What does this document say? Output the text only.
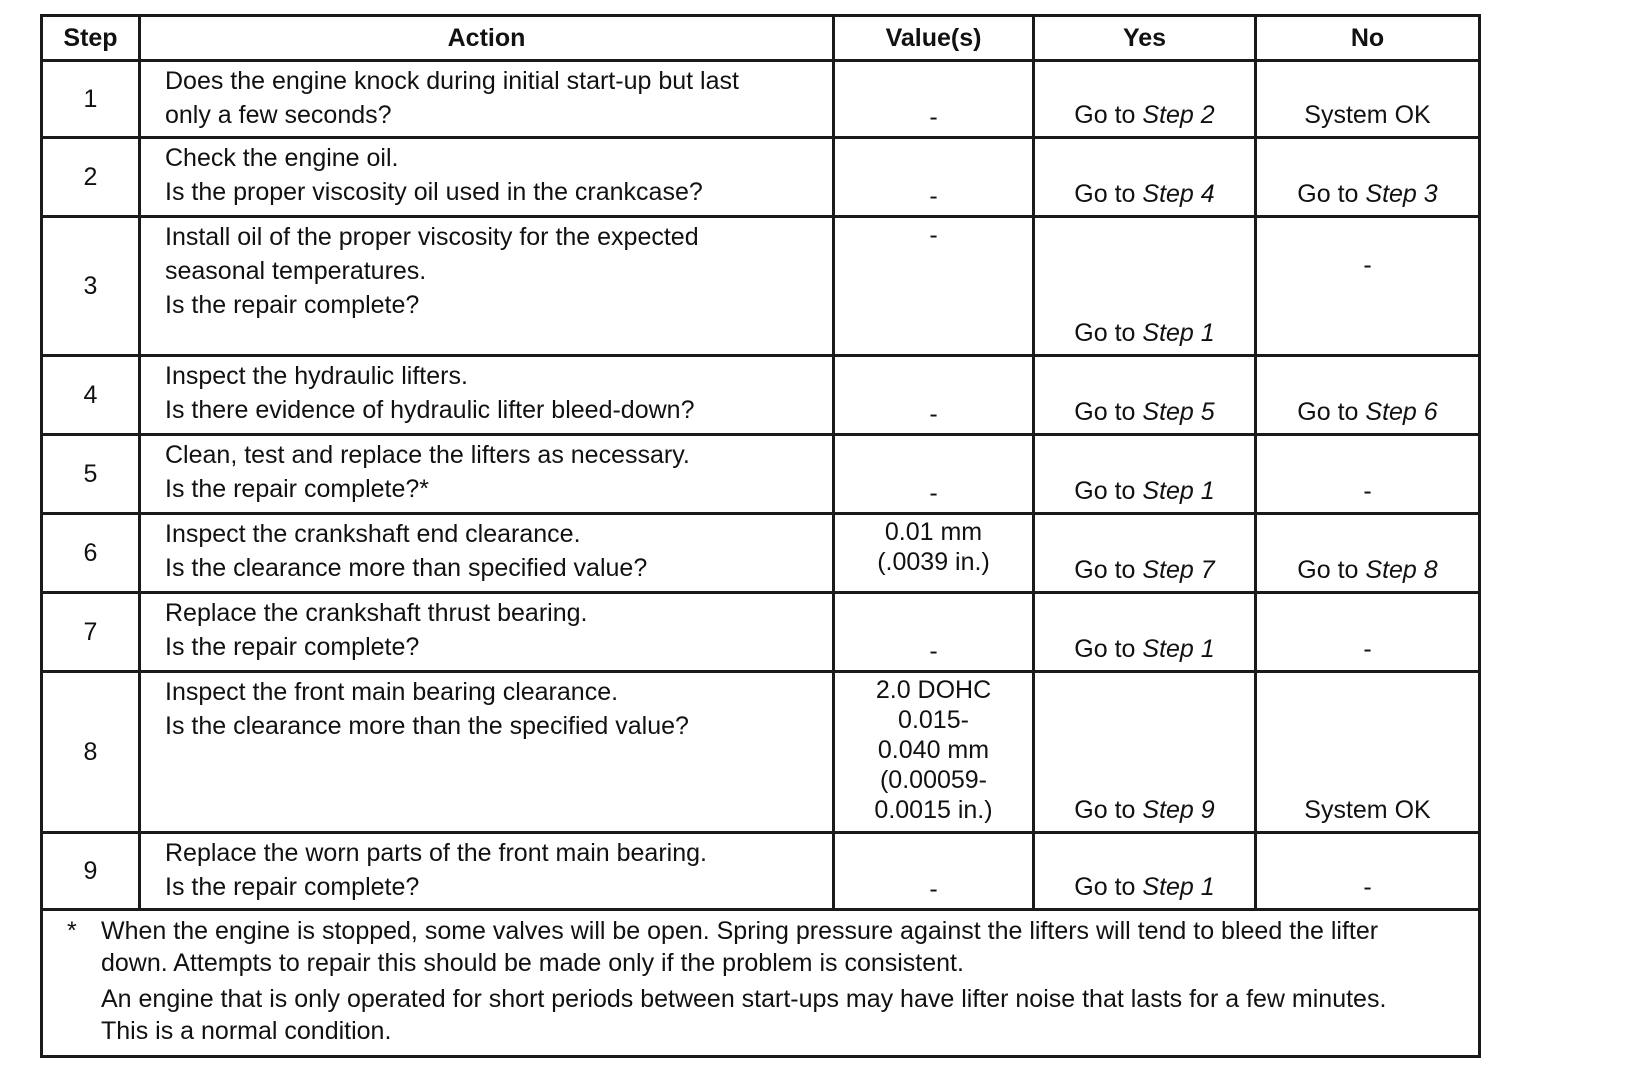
Step	Action	Value(s)	Yes	No
1	Does the engine knock during initial start-up but last
only a few seconds?	-	Go to Step 2	System OK
2	Check the engine oil.
Is the proper viscosity oil used in the crankcase?	-	Go to Step 4	Go to Step 3
3	Install oil of the proper viscosity for the expected
seasonal temperatures.
Is the repair complete?	-	Go to Step 1	-
4	Inspect the hydraulic lifters.
Is there evidence of hydraulic lifter bleed-down?	-	Go to Step 5	Go to Step 6
5	Clean, test and replace the lifters as necessary.
Is the repair complete?*	-	Go to Step 1	-
6	Inspect the crankshaft end clearance.
Is the clearance more than specified value?	0.01 mm
(.0039 in.)	Go to Step 7	Go to Step 8
7	Replace the crankshaft thrust bearing.
Is the repair complete?	-	Go to Step 1	-
8	Inspect the front main bearing clearance.
Is the clearance more than the specified value?	2.0 DOHC
0.015-
0.040 mm
(0.00059-
0.0015 in.)	Go to Step 9	System OK
9	Replace the worn parts of the front main bearing.
Is the repair complete?	-	Go to Step 1	-

* When the engine is stopped, some valves will be open. Spring pressure against the lifters will tend to bleed the lifter down. Attempts to repair this should be made only if the problem is consistent.

An engine that is only operated for short periods between start-ups may have lifter noise that lasts for a few minutes. This is a normal condition.				
